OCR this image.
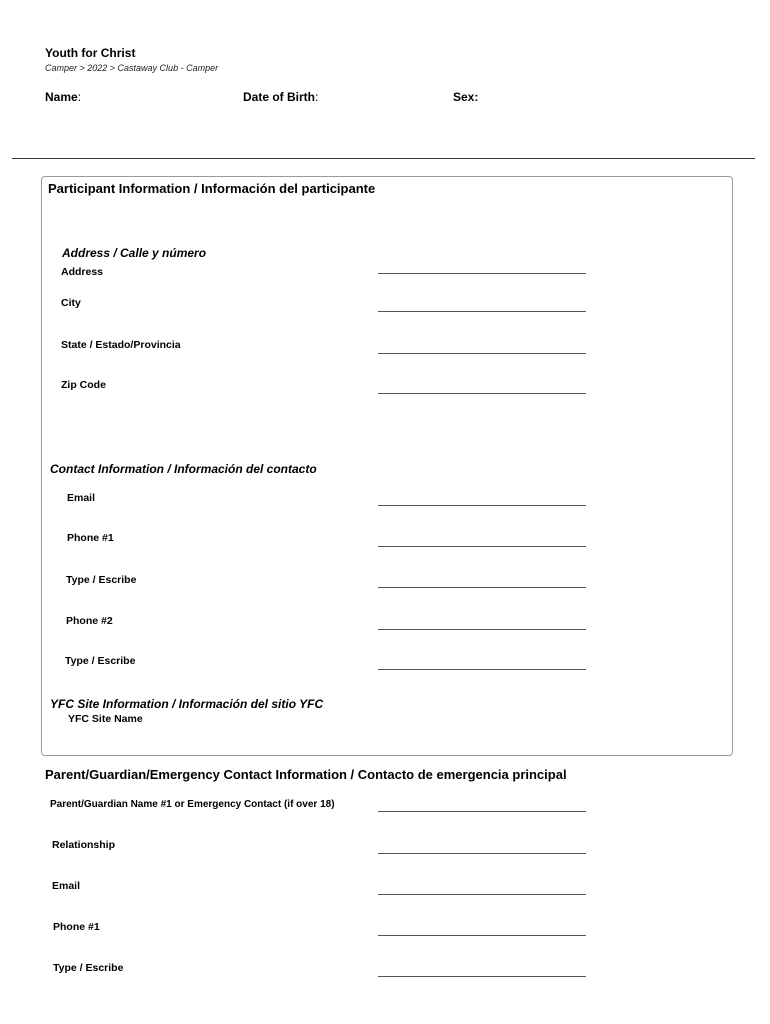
Youth for Christ
Camper > 2022 > Castaway Club - Camper
Name:	Date of Birth:	Sex:
Participant Information / Información del participante
Address / Calle y número
Address
City
State / Estado/Provincia
Zip Code
Contact Information / Información del contacto
Email
Phone #1
Type / Escribe
Phone #2
Type / Escribe
YFC Site Information / Información del sitio YFC
YFC Site Name
Parent/Guardian/Emergency Contact Information / Contacto de emergencia principal
Parent/Guardian Name #1 or Emergency Contact (if over 18)
Relationship
Email
Phone #1
Type / Escribe
